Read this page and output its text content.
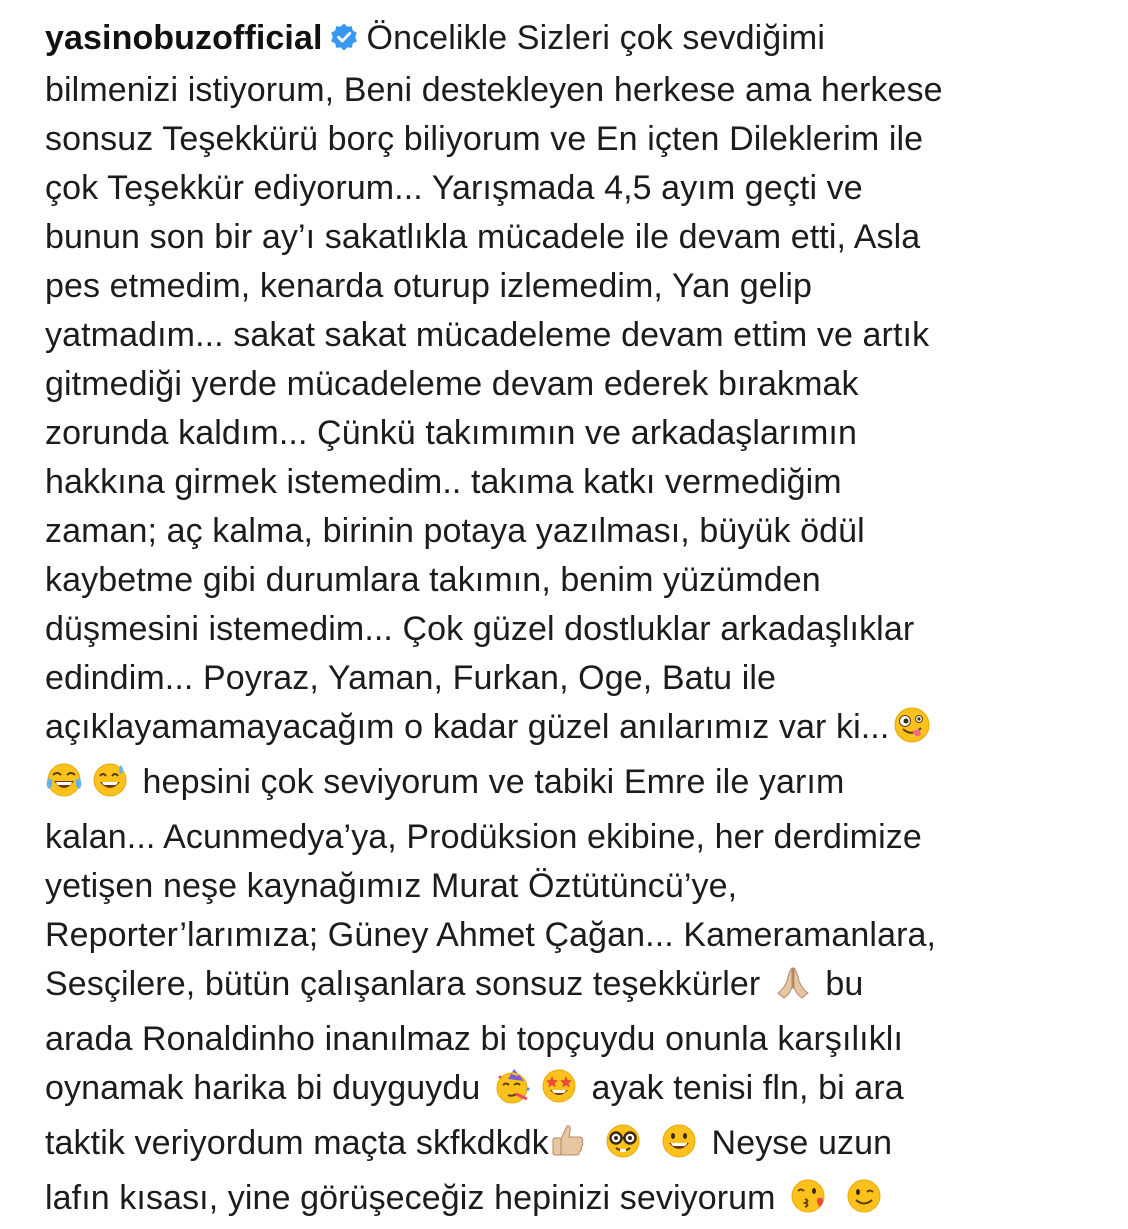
yasinobuzofficial Öncelikle Sizleri çok sevdiğimi
bilmenizi istiyorum, Beni destekleyen herkese ama herkese
sonsuz Teşekkürü borç biliyorum ve En içten Dileklerim ile
çok Teşekkür ediyorum... Yarışmada 4,5 ayım geçti ve
bunun son bir ay’ı sakatlıkla mücadele ile devam etti, Asla
pes etmedim, kenarda oturup izlemedim, Yan gelip
yatmadım... sakat sakat mücadeleme devam ettim ve artık
gitmediği yerde mücadeleme devam ederek bırakmak
zorunda kaldım... Çünkü takımımın ve arkadaşlarımın
hakkına girmek istemedim.. takıma katkı vermediğim
zaman; aç kalma, birinin potaya yazılması, büyük ödül
kaybetme gibi durumlara takımın, benim yüzümden
düşmesini istemedim... Çok güzel dostluklar arkadaşlıklar
edindim... Poyraz, Yaman, Furkan, Oge, Batu ile
açıklayamamayacağım o kadar güzel anılarımız var ki...
hepsini çok seviyorum ve tabiki Emre ile yarım
kalan... Acunmedya’ya, Prodüksion ekibine, her derdimize
yetişen neşe kaynağımız Murat Öztütüncü’ye,
Reporter’larımıza; Güney Ahmet Çağan... Kameramanlara,
Sesçilere, bütün çalışanlara sonsuz teşekkürler bu
arada Ronaldinho inanılmaz bi topçuydu onunla karşılıklı
oynamak harika bi duyguydu	ayak tenisi fln, bi ara
taktik veriyordum maçta skfkdkdk	Neyse uzun
lafın kısası, yine görüşeceğiz hepinizi seviyorum
